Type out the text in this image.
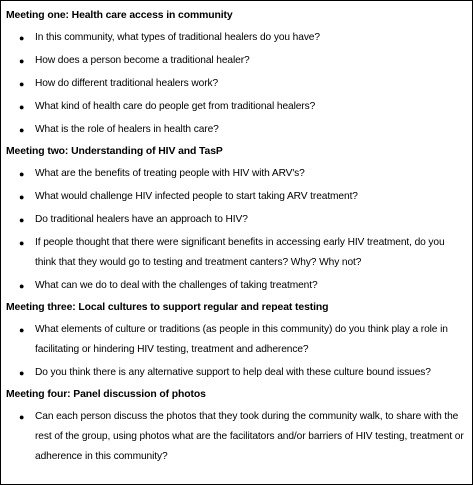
Meeting one: Health care access in community
● In this community, what types of traditional healers do you have?
● How does a person become a traditional healer?
● How do different traditional healers work?
● What kind of health care do people get from traditional healers?
● What is the role of healers in health care?
Meeting two: Understanding of HIV and TasP
● What are the benefits of treating people with HIV with ARV's?
● What would challenge HIV infected people to start taking ARV treatment?
● Do traditional healers have an approach to HIV?
● If people thought that there were significant benefits in accessing early HIV treatment, do you think that they would go to testing and treatment canters? Why? Why not?
● What can we do to deal with the challenges of taking treatment?
Meeting three: Local cultures to support regular and repeat testing
● What elements of culture or traditions (as people in this community) do you think play a role in facilitating or hindering HIV testing, treatment and adherence?
● Do you think there is any alternative support to help deal with these culture bound issues?
Meeting four: Panel discussion of photos
● Can each person discuss the photos that they took during the community walk, to share with the rest of the group, using photos what are the facilitators and/or barriers of HIV testing, treatment or adherence in this community?
